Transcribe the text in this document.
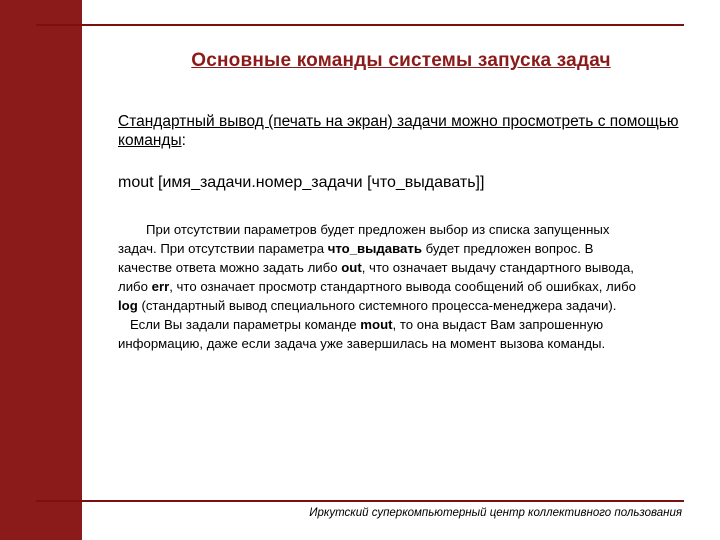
Основные команды системы запуска задач
Стандартный вывод (печать на экран) задачи можно просмотреть с помощью команды:
mout [имя_задачи.номер_задачи [что_выдавать]]

При отсутствии параметров будет предложен выбор из списка запущенных задач. При отсутствии параметра что_выдавать будет предложен вопрос. В качестве ответа можно задать либо out, что означает выдачу стандартного вывода, либо err, что означает просмотр стандартного вывода сообщений об ошибках, либо log (стандартный вывод специального системного процесса-менеджера задачи).

Если Вы задали параметры команде mout, то она выдаст Вам запрошенную информацию, даже если задача уже завершилась на момент вызова команды.

Иркутский суперкомпьютерный центр коллективного пользования
